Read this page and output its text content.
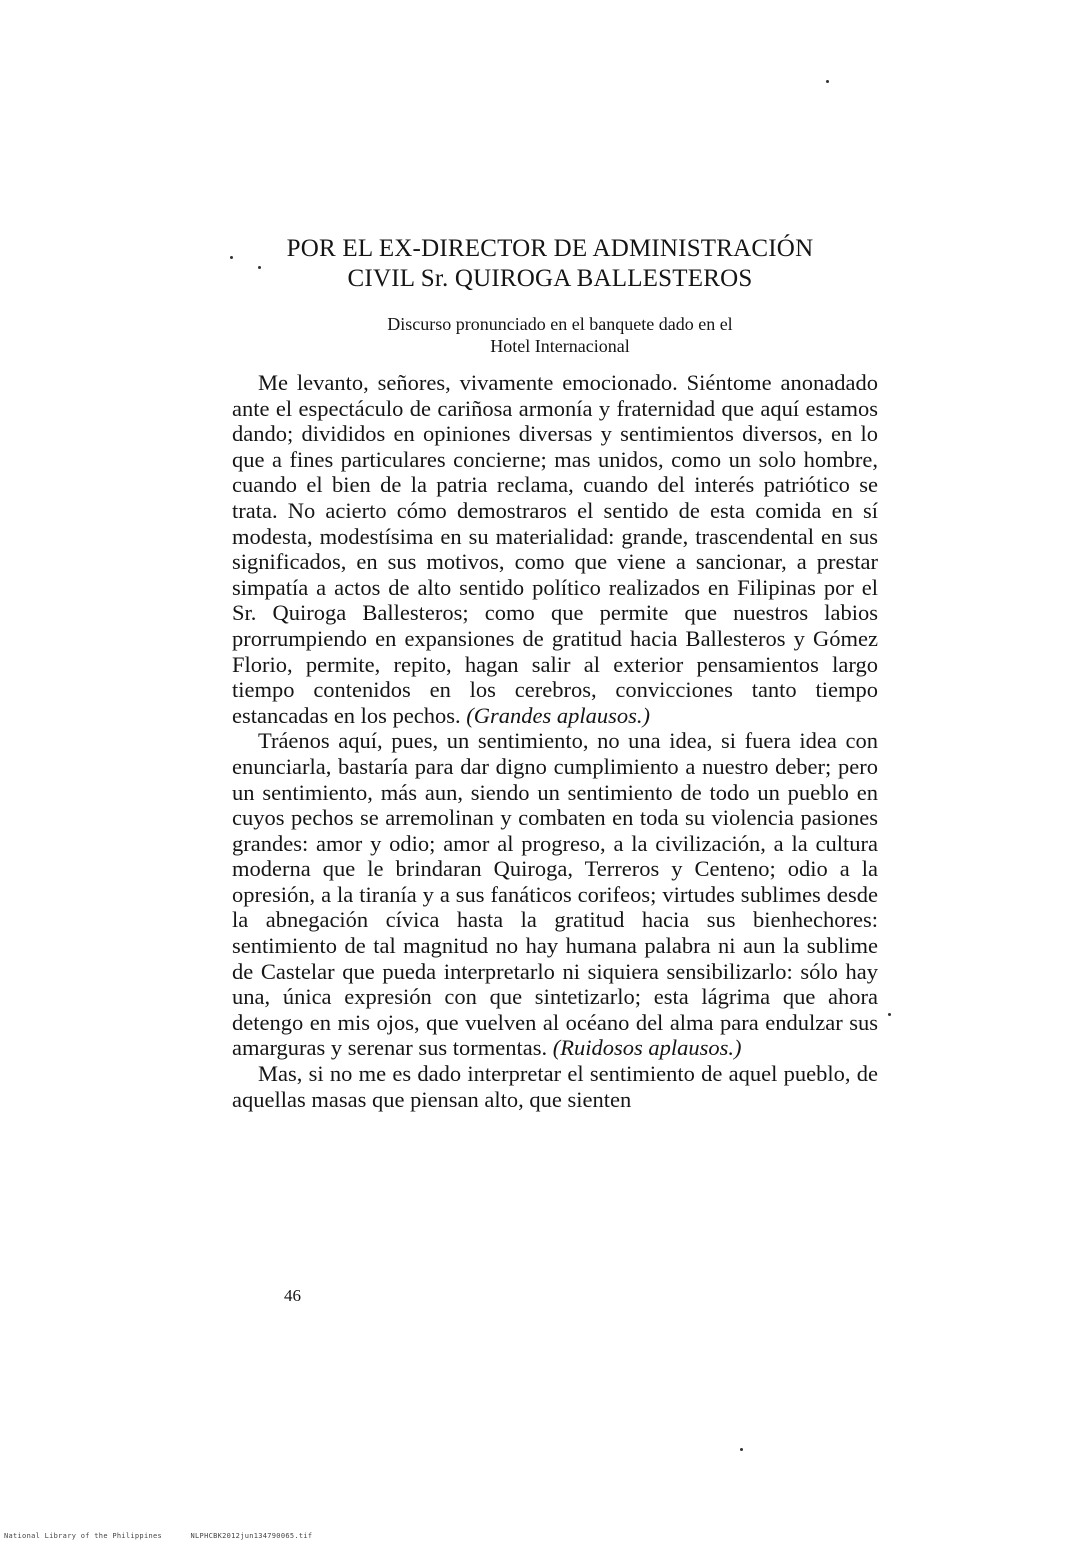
POR EL EX-DIRECTOR DE ADMINISTRACIÓN
CIVIL Sr. QUIROGA BALLESTEROS
Discurso pronunciado en el banquete dado en el
Hotel Internacional

Me levanto, señores, vivamente emocionado. Siéntome anonadado ante el espectáculo de cariñosa armonía y fraternidad que aquí estamos dando; divididos en opiniones diversas y sentimientos diversos, en lo que a fines particulares concierne; mas unidos, como un solo hombre, cuando el bien de la patria reclama, cuando del interés patriótico se trata. No acierto cómo demostraros el sentido de esta comida en sí modesta, modestísima en su materialidad: grande, trascendental en sus significados, en sus motivos, como que viene a sancionar, a prestar simpatía a actos de alto sentido político realizados en Filipinas por el Sr. Quiroga Ballesteros; como que permite que nuestros labios prorrumpiendo en expansiones de gratitud hacia Ballesteros y Gómez Florio, permite, repito, hagan salir al exterior pensamientos largo tiempo contenidos en los cerebros, convicciones tanto tiempo estancadas en los pechos. (Grandes aplausos.)

Tráenos aquí, pues, un sentimiento, no una idea, si fuera idea con enunciarla, bastaría para dar digno cumplimiento a nuestro deber; pero un sentimiento, más aun, siendo un sentimiento de todo un pueblo en cuyos pechos se arremolinan y combaten en toda su violencia pasiones grandes: amor y odio; amor al progreso, a la civilización, a la cultura moderna que le brindaran Quiroga, Terreros y Centeno; odio a la opresión, a la tiranía y a sus fanáticos corifeos; virtudes sublimes desde la abnegación cívica hasta la gratitud hacia sus bienhechores: sentimiento de tal magnitud no hay humana palabra ni aun la sublime de Castelar que pueda interpretarlo ni siquiera sensibilizarlo: sólo hay una, única expresión con que sintetizarlo; esta lágrima que ahora detengo en mis ojos, que vuelven al océano del alma para endulzar sus amarguras y serenar sus tormentas. (Ruidosos aplausos.)

Mas, si no me es dado interpretar el sentimiento de aquel pueblo, de aquellas masas que piensan alto, que sienten

46
National Library of the Philippines	NLPHCBK2012jun134790065.tif
